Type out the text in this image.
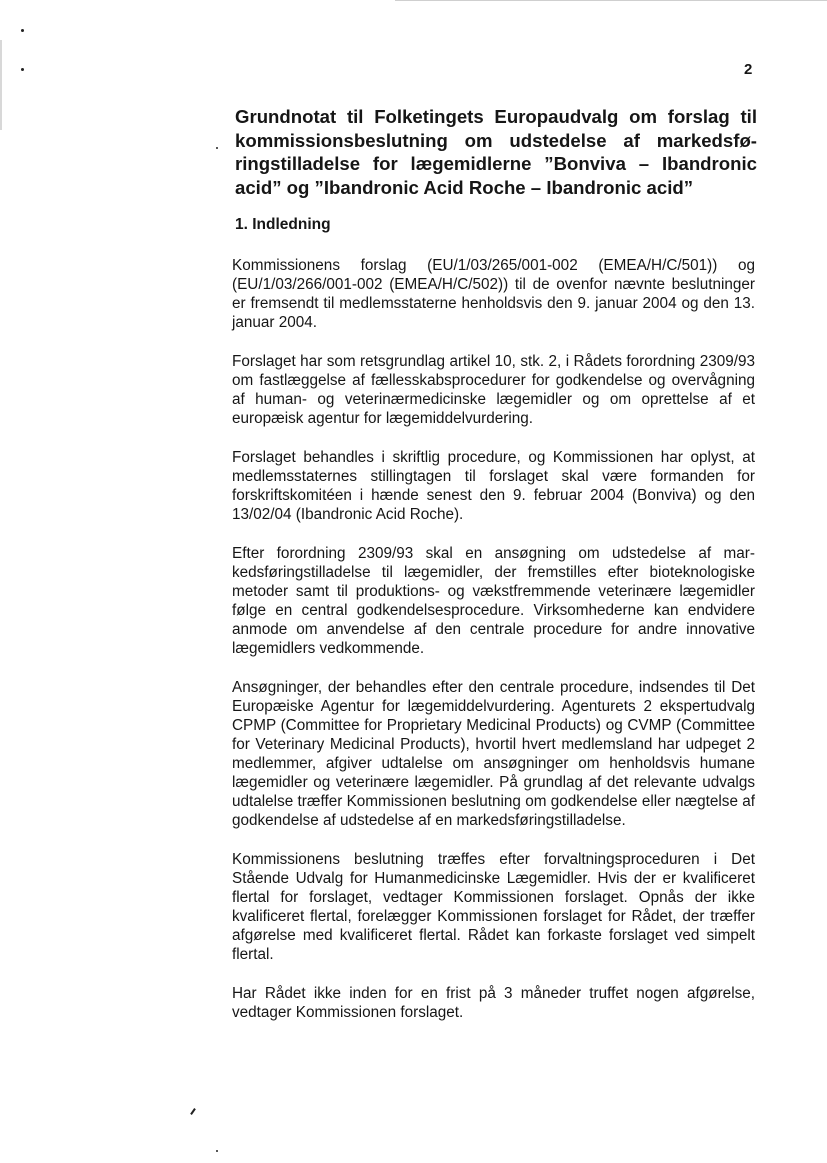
2
Grundnotat til Folketingets Europaudvalg om forslag til kommissionsbeslutning om udstedelse af markedsføringstilladelse for lægemidlerne ”Bonviva – Ibandronic acid” og ”Ibandronic Acid Roche – Ibandronic acid”
1. Indledning

Kommissionens forslag (EU/1/03/265/001-002 (EMEA/H/C/501)) og (EU/1/03/266/001-002 (EMEA/H/C/502)) til de ovenfor nævnte beslutninger er fremsendt til medlemsstaterne henholdsvis den 9. januar 2004 og den 13. januar 2004.

Forslaget har som retsgrundlag artikel 10, stk. 2, i Rådets forordning 2309/93 om fastlæggelse af fællesskabsprocedurer for godkendelse og overvågning af human- og veterinærmedicinske lægemidler og om oprettelse af et europæisk agentur for lægemiddelvurdering.

Forslaget behandles i skriftlig procedure, og Kommissionen har oplyst, at medlemsstaternes stillingtagen til forslaget skal være formanden for forskriftskomitéen i hænde senest den 9. februar 2004 (Bonviva) og den 13/02/04 (Ibandronic Acid Roche).

Efter forordning 2309/93 skal en ansøgning om udstedelse af markedsføringstilladelse til lægemidler, der fremstilles efter bioteknologiske metoder samt til produktions- og vækstfremmende veterinære lægemidler følge en central godkendelsesprocedure. Virksomhederne kan endvidere anmode om anvendelse af den centrale procedure for andre innovative lægemidlers vedkommende.

Ansøgninger, der behandles efter den centrale procedure, indsendes til Det Europæiske Agentur for lægemiddelvurdering. Agenturets 2 ekspertudvalg CPMP (Committee for Proprietary Medicinal Products) og CVMP (Committee for Veterinary Medicinal Products), hvortil hvert medlemsland har udpeget 2 medlemmer, afgiver udtalelse om ansøgninger om henholdsvis humane lægemidler og veterinære lægemidler. På grundlag af det relevante udvalgs udtalelse træffer Kommissionen beslutning om godkendelse eller nægtelse af godkendelse af udstedelse af en markedsføringstilladelse.

Kommissionens beslutning træffes efter forvaltningsproceduren i Det Stående Udvalg for Humanmedicinske Lægemidler. Hvis der er kvalificeret flertal for forslaget, vedtager Kommissionen forslaget. Opnås der ikke kvalificeret flertal, forelægger Kommissionen forslaget for Rådet, der træffer afgørelse med kvalificeret flertal. Rådet kan forkaste forslaget ved simpelt flertal.

Har Rådet ikke inden for en frist på 3 måneder truffet nogen afgørelse, vedtager Kommissionen forslaget.
